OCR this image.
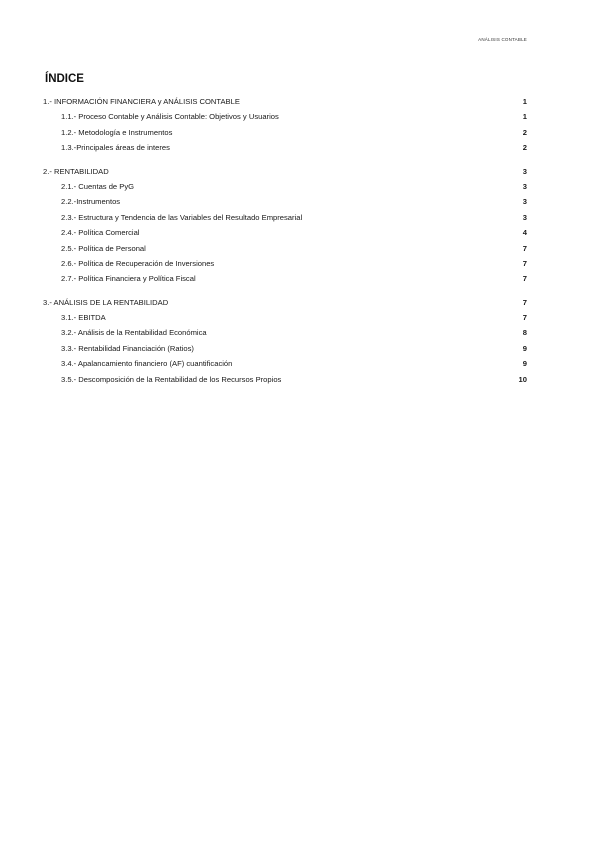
ANÁLISIS CONTABLE
ÍNDICE
1.- INFORMACIÓN FINANCIERA y ANÁLISIS CONTABLE	1
1.1.- Proceso Contable y Análisis Contable: Objetivos y Usuarios	1
1.2.- Metodología e Instrumentos	2
1.3.-Principales áreas de interes	2
2.- RENTABILIDAD	3
2.1.- Cuentas de PyG	3
2.2.-Instrumentos	3
2.3.- Estructura y Tendencia de las Variables del Resultado Empresarial	3
2.4.- Política Comercial	4
2.5.- Política de Personal	7
2.6.- Política de Recuperación de Inversiones	7
2.7.- Política Financiera y Política Fiscal	7
3.- ANÁLISIS DE LA RENTABILIDAD	7
3.1.- EBITDA	7
3.2.- Análisis de la Rentabilidad Económica	8
3.3.- Rentabilidad Financiación (Ratios)	9
3.4.- Apalancamiento financiero (AF) cuantificación	9
3.5.- Descomposición de la Rentabilidad de los Recursos Propios	10
